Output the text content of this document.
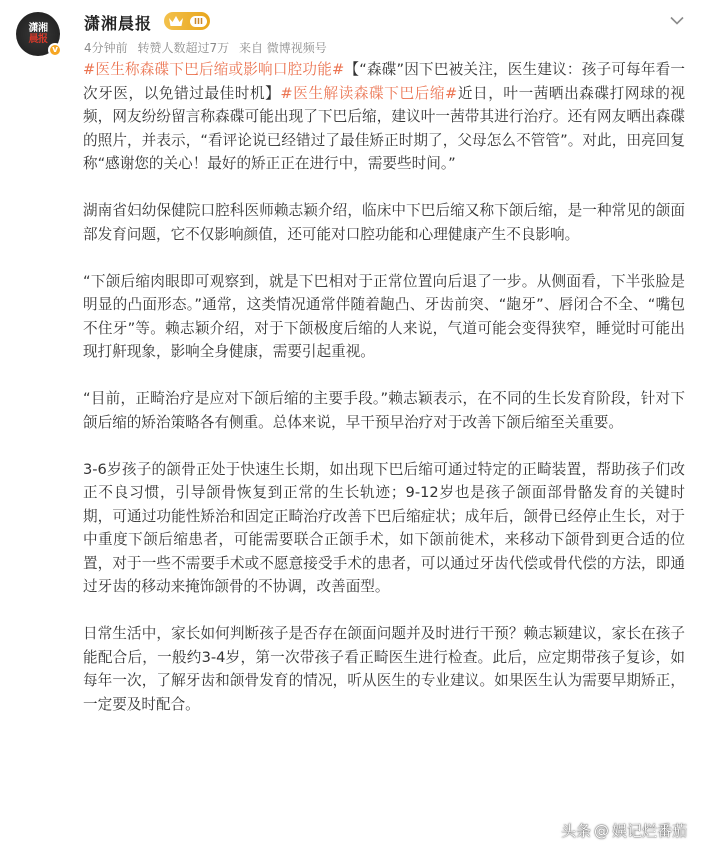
潇湘
晨报
v
潇湘晨报	III
4分钟前 转赞人数超过7万 来自 微博视频号

#医生称森碟下巴后缩或影响口腔功能#【“森碟”因下巴被关注，医生建议：孩子可每年看一次牙医，以免错过最佳时机】#医生解读森碟下巴后缩#近日，叶一茜晒出森碟打网球的视频，网友纷纷留言称森碟可能出现了下巴后缩，建议叶一茜带其进行治疗。还有网友晒出森碟的照片，并表示，“看评论说已经错过了最佳矫正时期了，父母怎么不管管”。对此，田亮回复称“感谢您的关心！最好的矫正正在进行中，需要些时间。”

湖南省妇幼保健院口腔科医师赖志颖介绍，临床中下巴后缩又称下颌后缩，是一种常见的颌面部发育问题，它不仅影响颜值，还可能对口腔功能和心理健康产生不良影响。

“下颌后缩肉眼即可观察到，就是下巴相对于正常位置向后退了一步。从侧面看，下半张脸是明显的凸面形态。”通常，这类情况通常伴随着龅凸、牙齿前突、“龅牙”、唇闭合不全、“嘴包不住牙”等。赖志颖介绍，对于下颌极度后缩的人来说，气道可能会变得狭窄，睡觉时可能出现打鼾现象，影响全身健康，需要引起重视。

“目前，正畸治疗是应对下颌后缩的主要手段。”赖志颖表示，在不同的生长发育阶段，针对下颌后缩的矫治策略各有侧重。总体来说，早干预早治疗对于改善下颌后缩至关重要。

3-6岁孩子的颌骨正处于快速生长期，如出现下巴后缩可通过特定的正畸装置，帮助孩子们改正不良习惯，引导颌骨恢复到正常的生长轨迹；9-12岁也是孩子颌面部骨骼发育的关键时期，可通过功能性矫治和固定正畸治疗改善下巴后缩症状；成年后，颌骨已经停止生长，对于中重度下颌后缩患者，可能需要联合正颌手术，如下颌前徙术，来移动下颌骨到更合适的位置，对于一些不需要手术或不愿意接受手术的患者，可以通过牙齿代偿或骨代偿的方法，即通过牙齿的移动来掩饰颌骨的不协调，改善面型。

日常生活中，家长如何判断孩子是否存在颌面问题并及时进行干预？赖志颖建议，家长在孩子能配合后，一般约3-4岁，第一次带孩子看正畸医生进行检查。此后，应定期带孩子复诊，如每年一次，了解牙齿和颌骨发育的情况，听从医生的专业建议。如果医生认为需要早期矫正，一定要及时配合。

头条 @ 娱记烂番茄
